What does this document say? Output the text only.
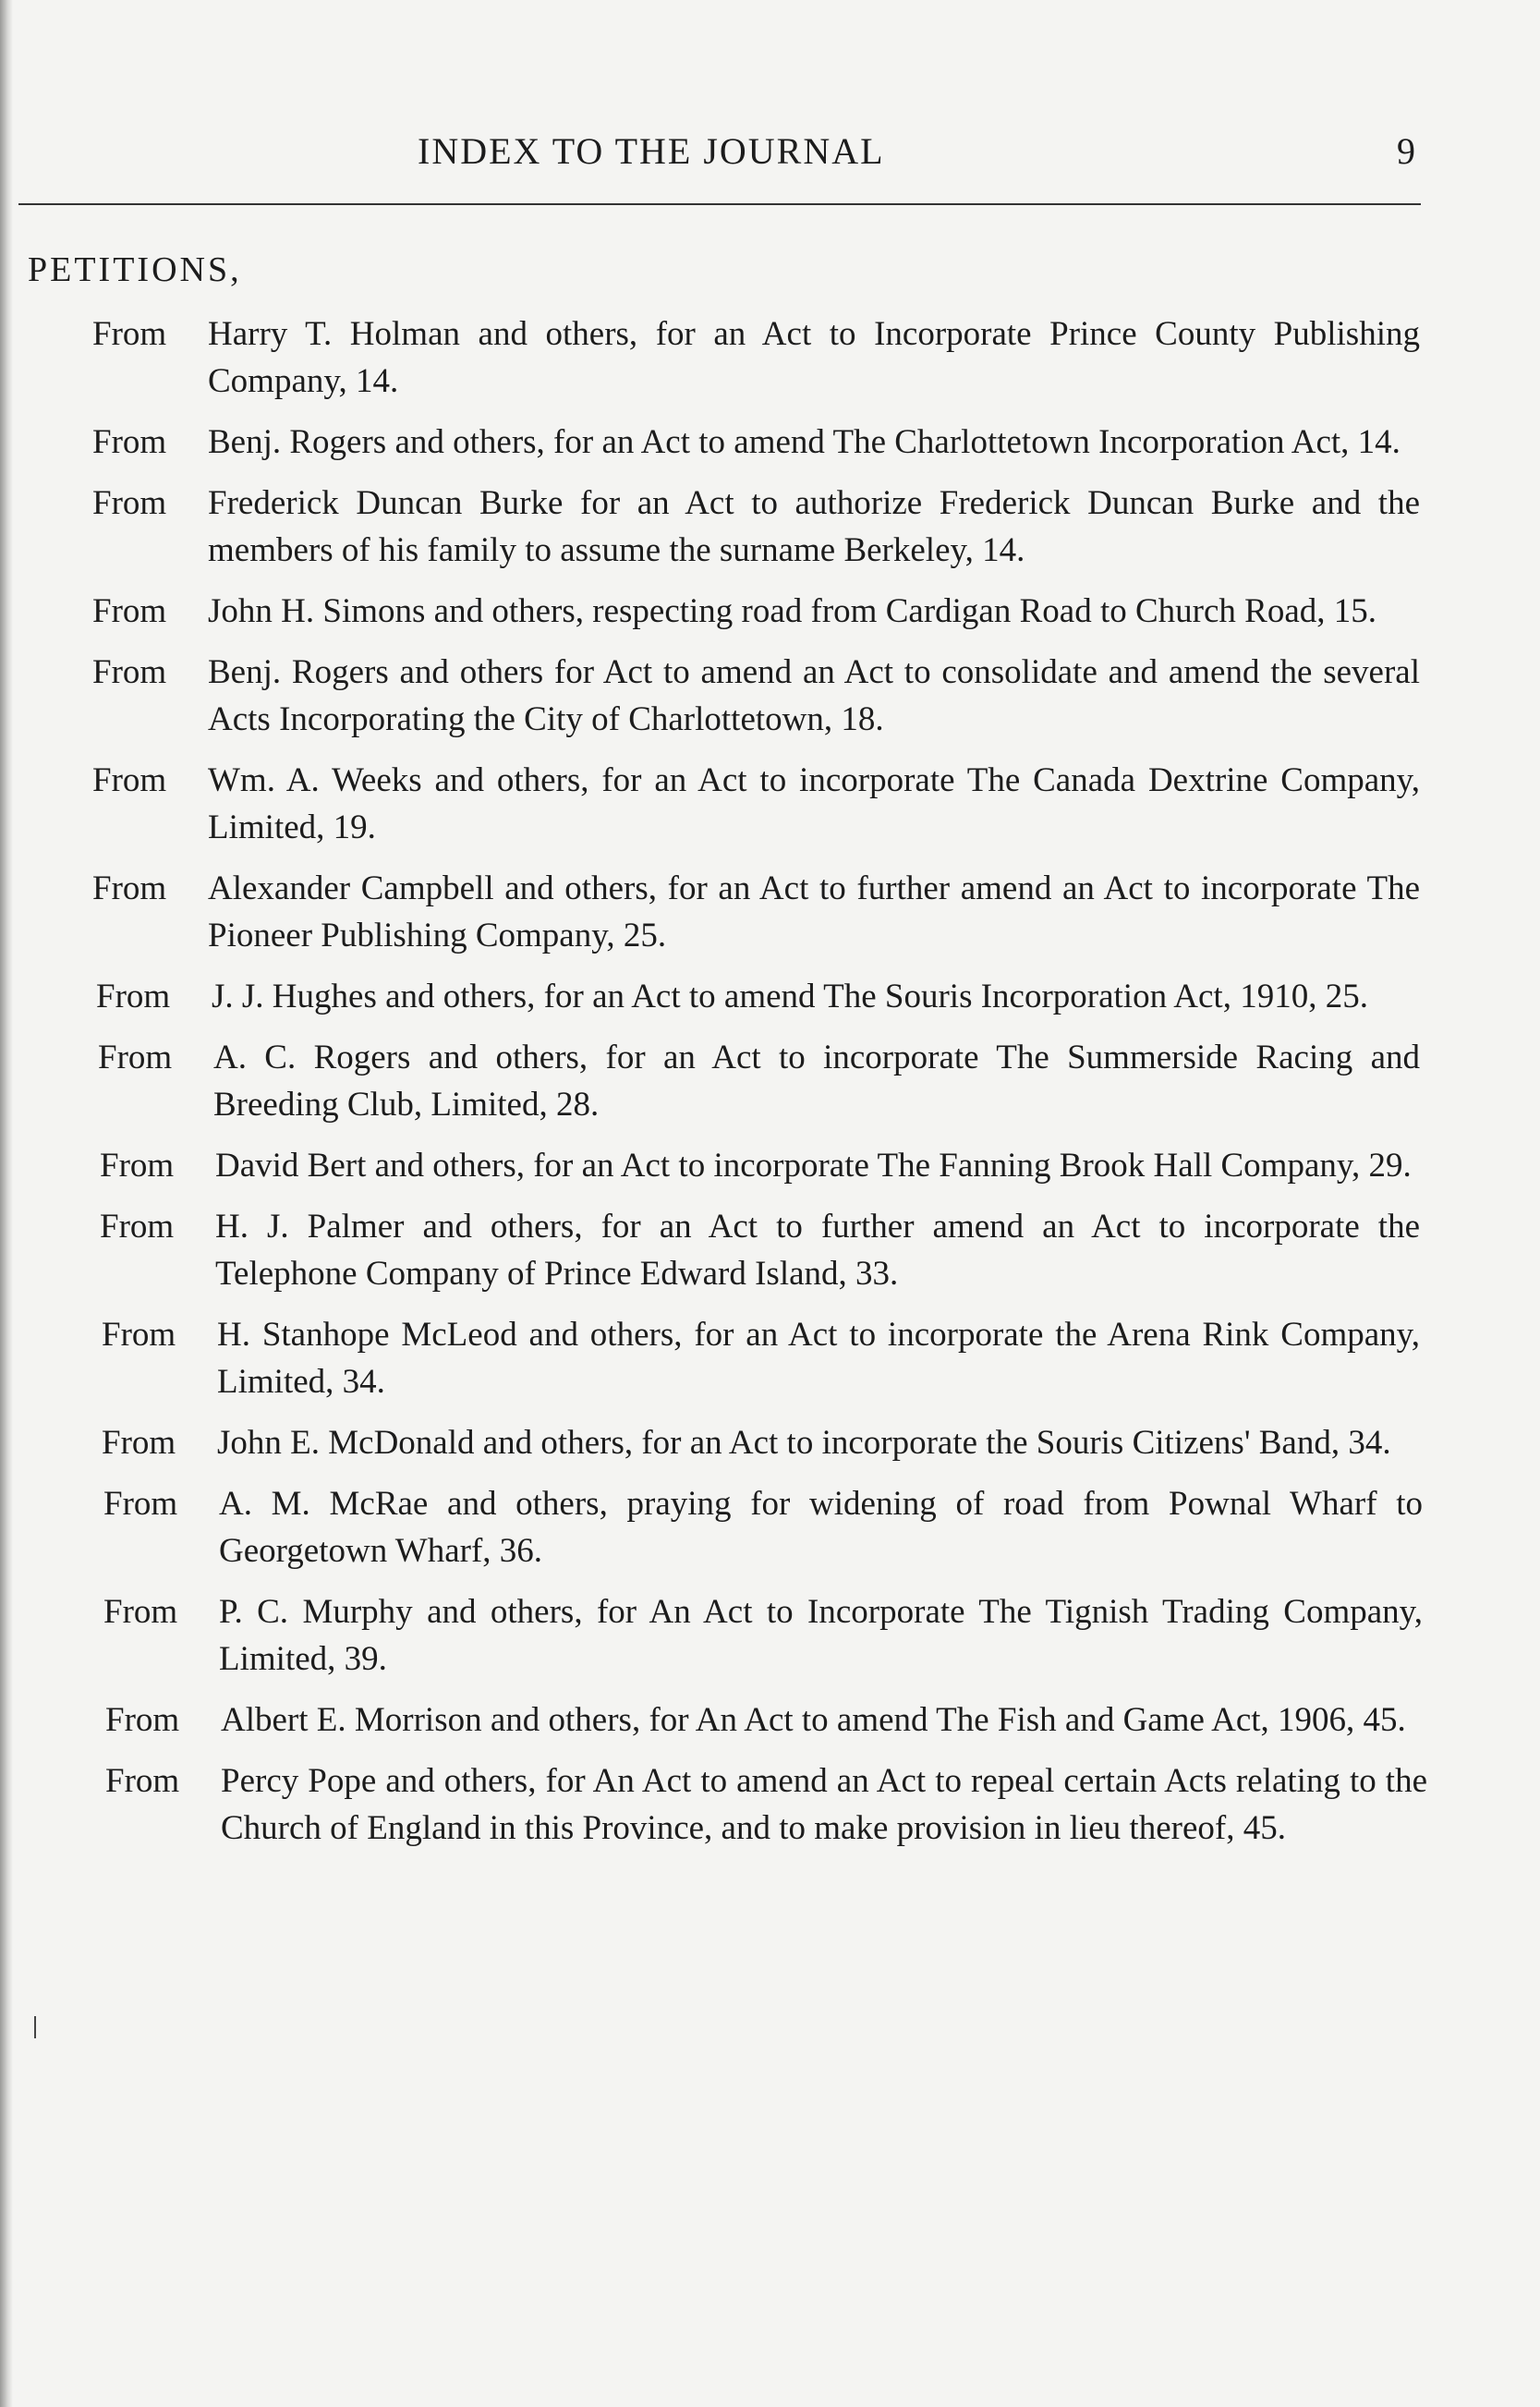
INDEX TO THE JOURNAL	9
PETITIONS,
From Harry T. Holman and others, for an Act to Incorporate Prince County Publishing Company, 14.
From Benj. Rogers and others, for an Act to amend The Charlottetown Incorporation Act, 14.
From Frederick Duncan Burke for an Act to authorize Frederick Duncan Burke and the members of his family to assume the surname Berkeley, 14.
From John H. Simons and others, respecting road from Cardigan Road to Church Road, 15.
From Benj. Rogers and others for Act to amend an Act to consolidate and amend the several Acts Incorporating the City of Charlottetown, 18.
From Wm. A. Weeks and others, for an Act to incorporate The Canada Dextrine Company, Limited, 19.
From Alexander Campbell and others, for an Act to further amend an Act to incorporate The Pioneer Publishing Company, 25.
From J. J. Hughes and others, for an Act to amend The Souris Incorporation Act, 1910, 25.
From A. C. Rogers and others, for an Act to incorporate The Summerside Racing and Breeding Club, Limited, 28.
From David Bert and others, for an Act to incorporate The Fanning Brook Hall Company, 29.
From H. J. Palmer and others, for an Act to further amend an Act to incorporate the Telephone Company of Prince Edward Island, 33.
From H. Stanhope McLeod and others, for an Act to incorporate the Arena Rink Company, Limited, 34.
From John E. McDonald and others, for an Act to incorporate the Souris Citizens' Band, 34.
From A. M. McRae and others, praying for widening of road from Pownal Wharf to Georgetown Wharf, 36.
From P. C. Murphy and others, for An Act to Incorporate The Tignish Trading Company, Limited, 39.
From Albert E. Morrison and others, for An Act to amend The Fish and Game Act, 1906, 45.
From Percy Pope and others, for An Act to amend an Act to repeal certain Acts relating to the Church of England in this Province, and to make provision in lieu thereof, 45.
